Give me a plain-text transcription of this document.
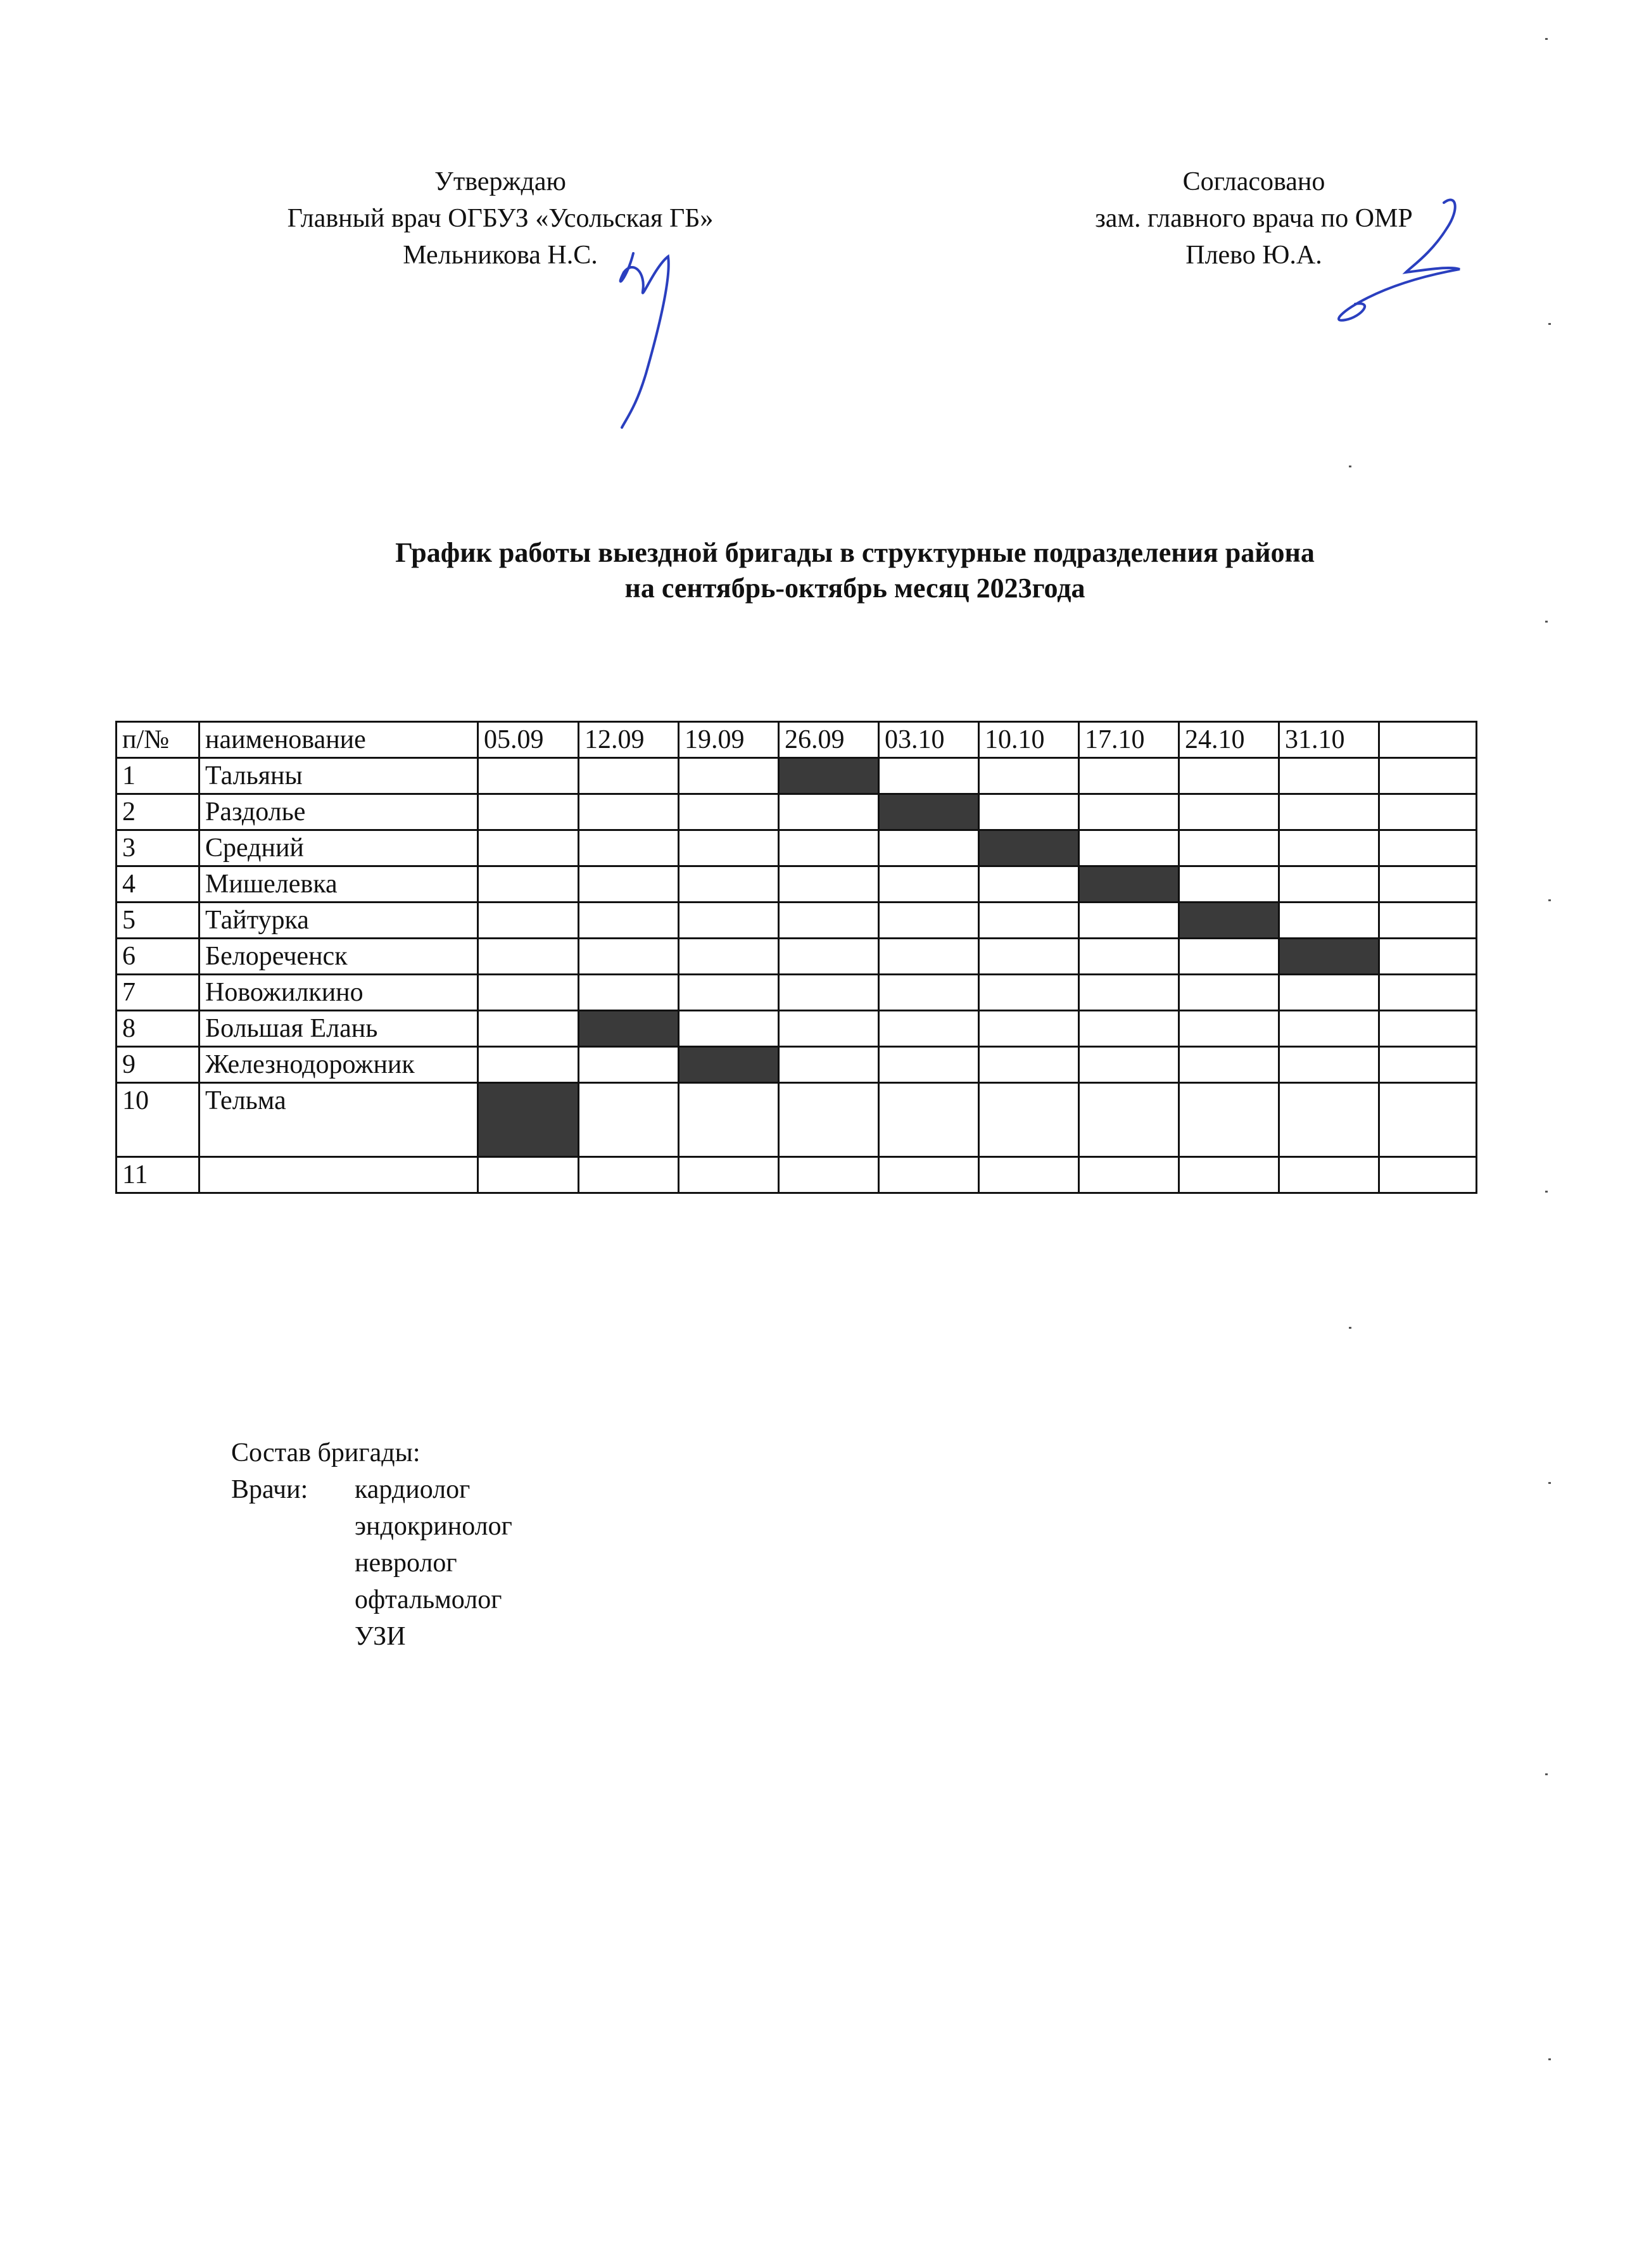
Утверждаю
Главный врач ОГБУЗ «Усольская ГБ»
Мельникова Н.С.
Согласовано
зам. главного врача по ОМР
Плево Ю.А.
График работы выездной бригады в структурные подразделения района
на сентябрь-октябрь месяц 2023года
п/№	наименование	05.09	12.09	19.09	26.09	03.10	10.10	17.10	24.10	31.10	
1	Тальяны										
2	Раздолье										
3	Средний										
4	Мишелевка										
5	Тайтурка										
6	Белореченск										
7	Новожилкино										
8	Большая Елань										
9	Железнодорожник										
10	Тельма										
11											
Состав бригады:
Врачи:	кардиолог
эндокринолог
невролог
офтальмолог
УЗИ
